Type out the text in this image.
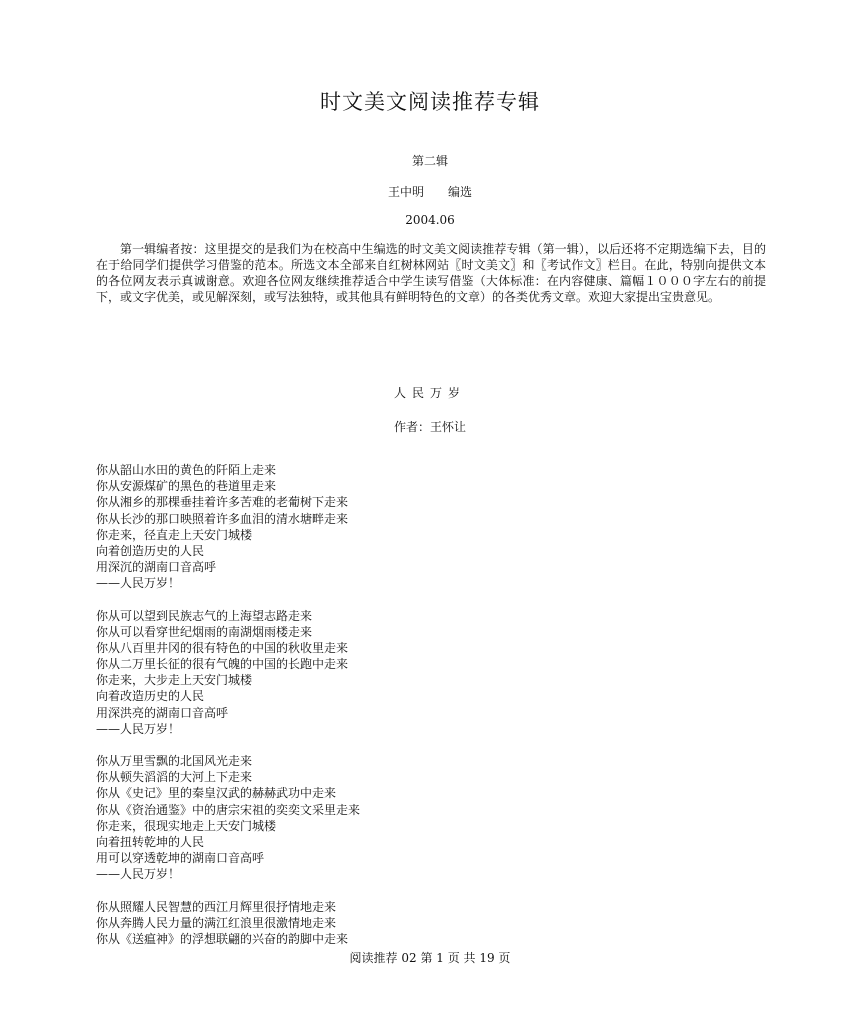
时文美文阅读推荐专辑
第二辑
王中明 编选
2004.06
第一辑编者按：这里提交的是我们为在校高中生编选的时文美文阅读推荐专辑（第一辑），以后还将不定期选编下去，目的在于给同学们提供学习借鉴的范本。所选文本全部来自红树林网站〖时文美文〗和〖考试作文〗栏目。在此，特别向提供文本的各位网友表示真诚谢意。欢迎各位网友继续推荐适合中学生读写借鉴（大体标准：在内容健康、篇幅１０００字左右的前提下，或文字优美，或见解深刻，或写法独特，或其他具有鲜明特色的文章）的各类优秀文章。欢迎大家提出宝贵意见。
人民万岁
作者：王怀让
你从韶山水田的黄色的阡陌上走来
你从安源煤矿的黑色的巷道里走来
你从湘乡的那棵垂挂着许多苦难的老葡树下走来
你从长沙的那口映照着许多血泪的清水塘畔走来
你走来，径直走上天安门城楼
向着创造历史的人民
用深沉的湖南口音高呼
——人民万岁！
你从可以望到民族志气的上海望志路走来
你从可以看穿世纪烟雨的南湖烟雨楼走来
你从八百里井冈的很有特色的中国的秋收里走来
你从二万里长征的很有气魄的中国的长跑中走来
你走来，大步走上天安门城楼
向着改造历史的人民
用深洪亮的湖南口音高呼
——人民万岁！
你从万里雪飘的北国风光走来
你从顿失滔滔的大河上下走来
你从《史记》里的秦皇汉武的赫赫武功中走来
你从《资治通鉴》中的唐宗宋祖的奕奕文采里走来
你走来，很现实地走上天安门城楼
向着扭转乾坤的人民
用可以穿透乾坤的湖南口音高呼
——人民万岁！
你从照耀人民智慧的西江月辉里很抒情地走来
你从奔腾人民力量的满江红浪里很激情地走来
你从《送瘟神》的浮想联翩的兴奋的韵脚中走来
阅读推荐 02 第 1 页 共 19 页
